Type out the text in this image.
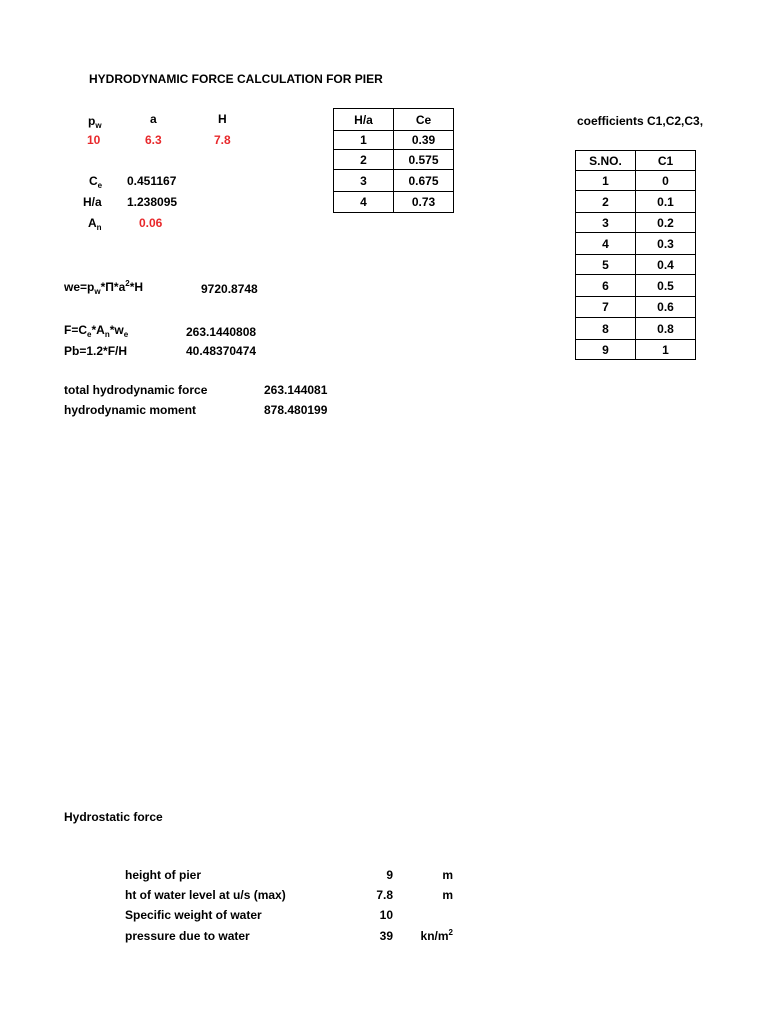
HYDRODYNAMIC FORCE CALCULATION FOR PIER
$p_w$	a	H
10	6.3	7.8
$C_e$ 0.451167
H/a 1.238095
$A_n$	0.06
$we=p_w*\Pi*a^2*H$	9720.8748
$F=C_e*A_n*w_e$	263.1440808
Pb=1.2*F/H	40.48370474
total hydrodynamic force	263.144081
hydrodynamic moment	878.480199
H/a	Ce
1	0.39
2	0.575
3	0.675
4	0.73
coefficients C1,C2,C3,
S.NO.	C1
1	0
2	0.1
3	0.2
4	0.3
5	0.4
6	0.5
7	0.6
8	0.8
9	1
Hydrostatic force
height of pier	9	m
ht of water level at u/s (max)	7.8	m
Specific weight of water	10
pressure due to water	39	$kn/m^2$
